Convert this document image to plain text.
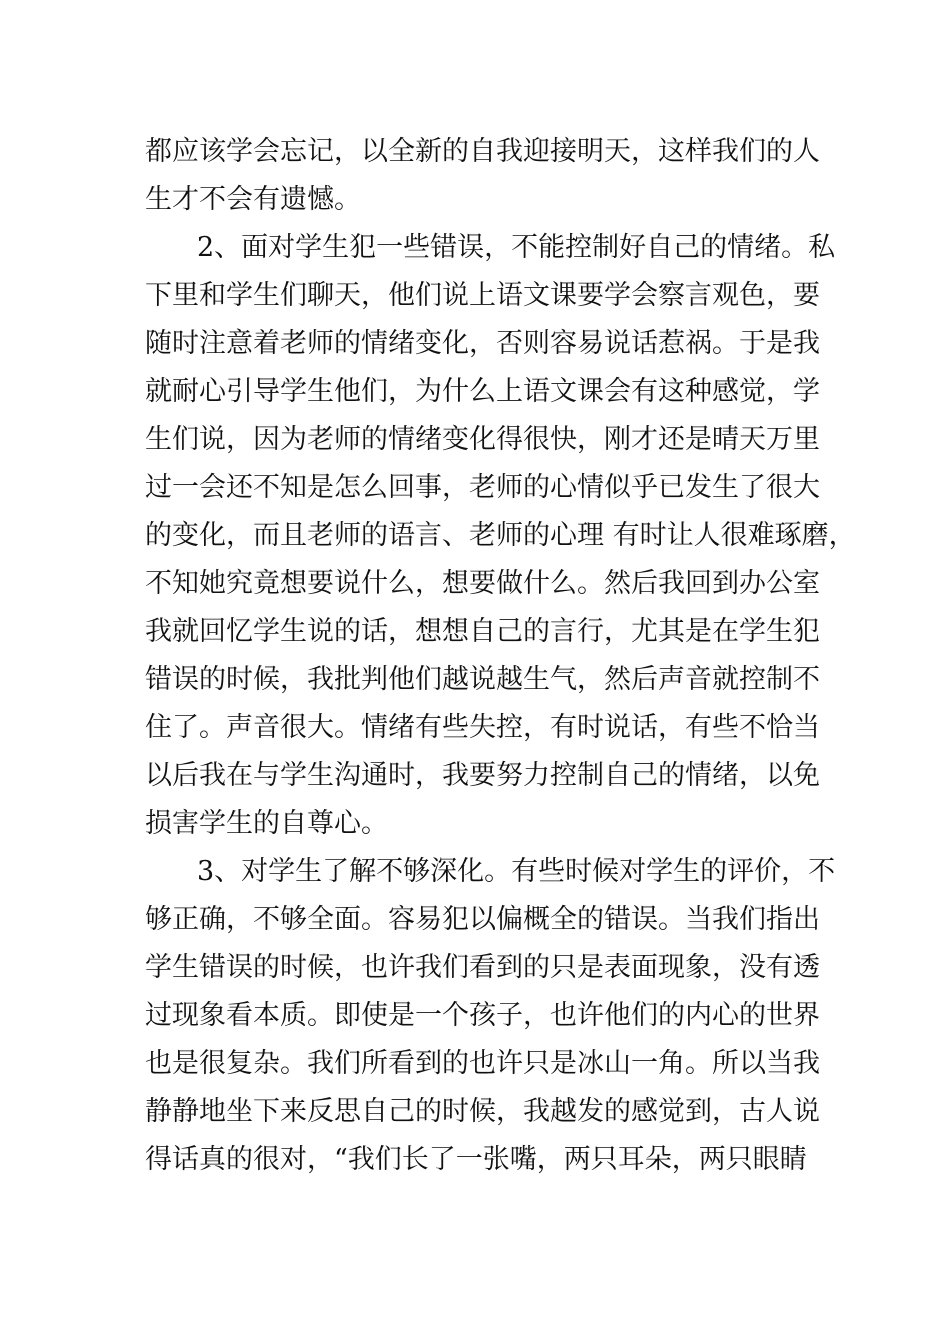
都应该学会忘记，以全新的自我迎接明天，这样我们的人
生才不会有遗憾。
2、面对学生犯一些错误，不能控制好自己的情绪。私
下里和学生们聊天，他们说上语文课要学会察言观色，要
随时注意着老师的情绪变化，否则容易说话惹祸。于是我
就耐心引导学生他们，为什么上语文课会有这种感觉，学
生们说，因为老师的情绪变化得很快，刚才还是晴天万里
过一会还不知是怎么回事，老师的心情似乎已发生了很大
的变化，而且老师的语言、老师的心理 有时让人很难琢磨，
不知她究竟想要说什么，想要做什么。然后我回到办公室
我就回忆学生说的话，想想自己的言行，尤其是在学生犯
错误的时候，我批判他们越说越生气，然后声音就控制不
住了。声音很大。情绪有些失控，有时说话，有些不恰当
以后我在与学生沟通时，我要努力控制自己的情绪，以免
损害学生的自尊心。
3、对学生了解不够深化。有些时候对学生的评价，不
够正确，不够全面。容易犯以偏概全的错误。当我们指出
学生错误的时候，也许我们看到的只是表面现象，没有透
过现象看本质。即使是一个孩子，也许他们的内心的世界
也是很复杂。我们所看到的也许只是冰山一角。所以当我
静静地坐下来反思自己的时候，我越发的感觉到，古人说
得话真的很对，“我们长了一张嘴，两只耳朵，两只眼睛
